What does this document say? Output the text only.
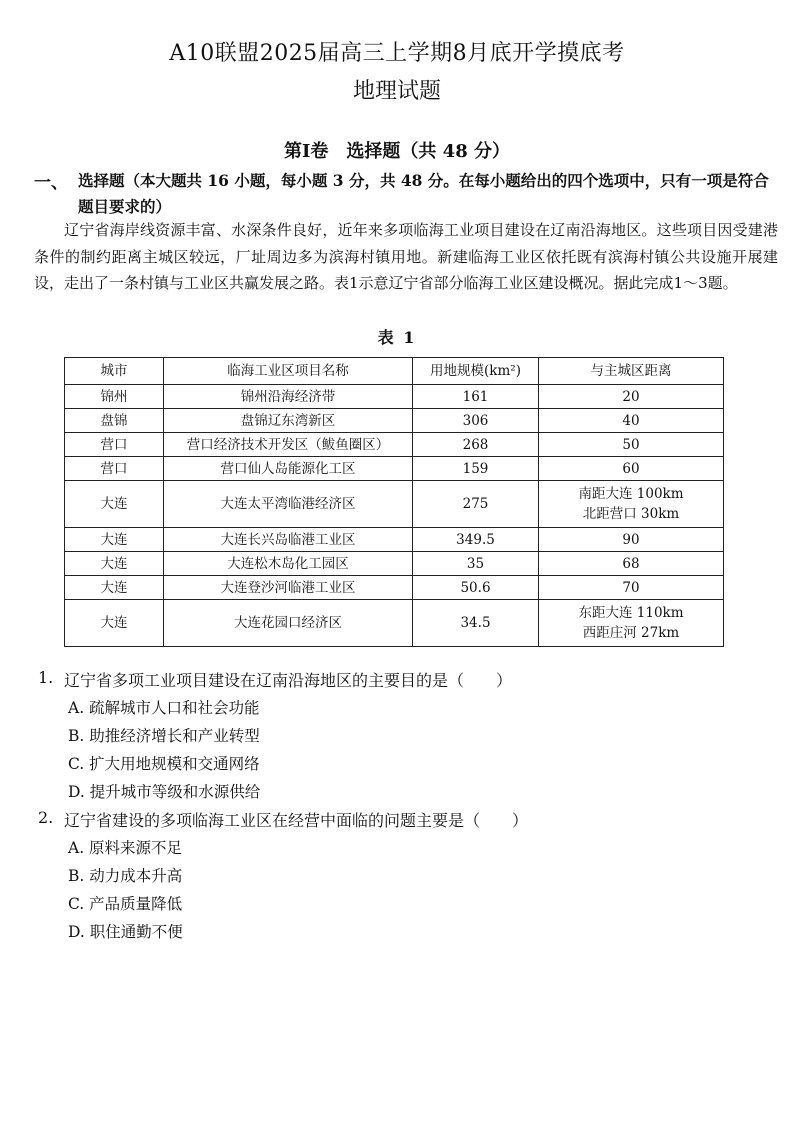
A10联盟2025届高三上学期8月底开学摸底考
地理试题
第Ⅰ卷　选择题（共 48 分）
一、 选择题（本大题共 16 小题，每小题 3 分，共 48 分。在每小题给出的四个选项中，只有一项是符合题目要求的）
辽宁省海岸线资源丰富、水深条件良好，近年来多项临海工业项目建设在辽南沿海地区。这些项目因受建港条件的制约距离主城区较远，厂址周边多为滨海村镇用地。新建临海工业区依托既有滨海村镇公共设施开展建设，走出了一条村镇与工业区共赢发展之路。表1示意辽宁省部分临海工业区建设概况。据此完成1～3题。
表 1
城市	临海工业区项目名称	用地规模(km²)	与主城区距离
锦州	锦州沿海经济带	161	20
盘锦	盘锦辽东湾新区	306	40
营口	营口经济技术开发区（鲅鱼圈区）	268	50
营口	营口仙人岛能源化工区	159	60
大连	大连太平湾临港经济区	275	南距大连 100km
北距营口 30km

大连	大连长兴岛临港工业区	349.5	90
大连	大连松木岛化工园区	35	68
大连	大连登沙河临港工业区	50.6	70
大连	大连花园口经济区	34.5	东距大连 110km
西距庄河 27km
1. 辽宁省多项工业项目建设在辽南沿海地区的主要目的是（　　）
A. 疏解城市人口和社会功能
B. 助推经济增长和产业转型
C. 扩大用地规模和交通网络
D. 提升城市等级和水源供给
2. 辽宁省建设的多项临海工业区在经营中面临的问题主要是（　　）
A. 原料来源不足
B. 动力成本升高
C. 产品质量降低
D. 职住通勤不便
